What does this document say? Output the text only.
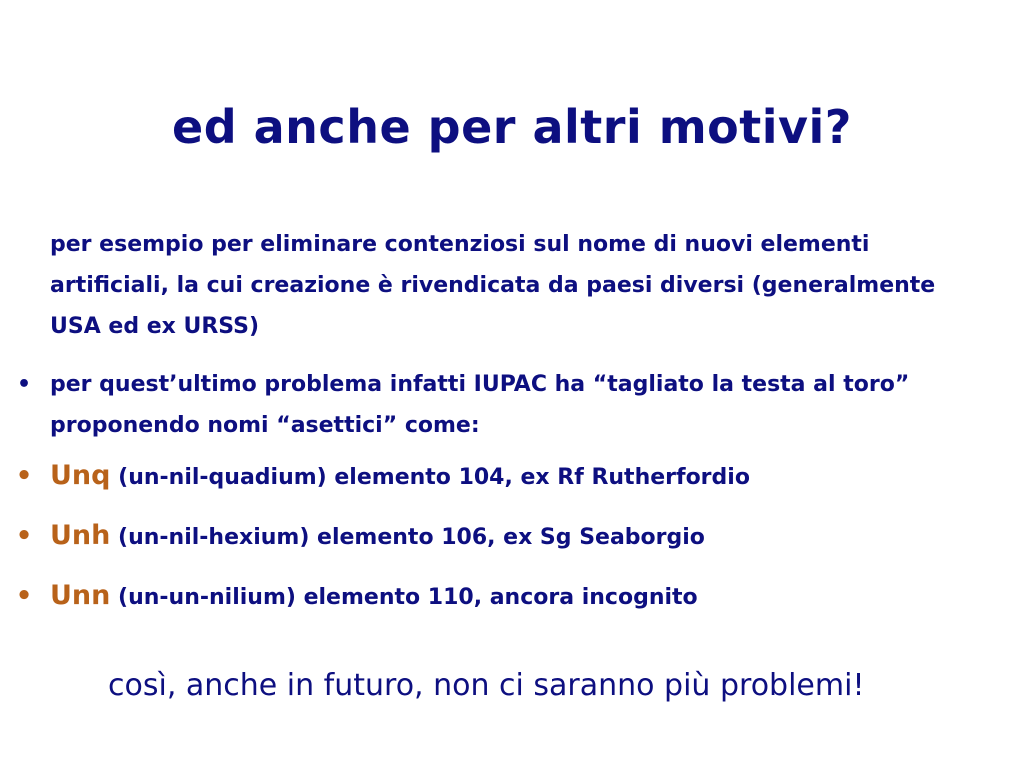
ed anche per altri motivi?
per esempio per eliminare contenziosi sul nome di nuovi elementi artificiali, la cui creazione è rivendicata da paesi diversi (generalmente USA ed ex URSS)
• per quest’ultimo problema infatti IUPAC ha “tagliato la testa al toro” proponendo nomi “asettici” come:
• Unq (un-nil-quadium) elemento 104, ex Rf Rutherfordio
• Unh (un-nil-hexium) elemento 106, ex Sg Seaborgio
• Unn (un-un-nilium) elemento 110, ancora incognito
così, anche in futuro, non ci saranno più problemi!
